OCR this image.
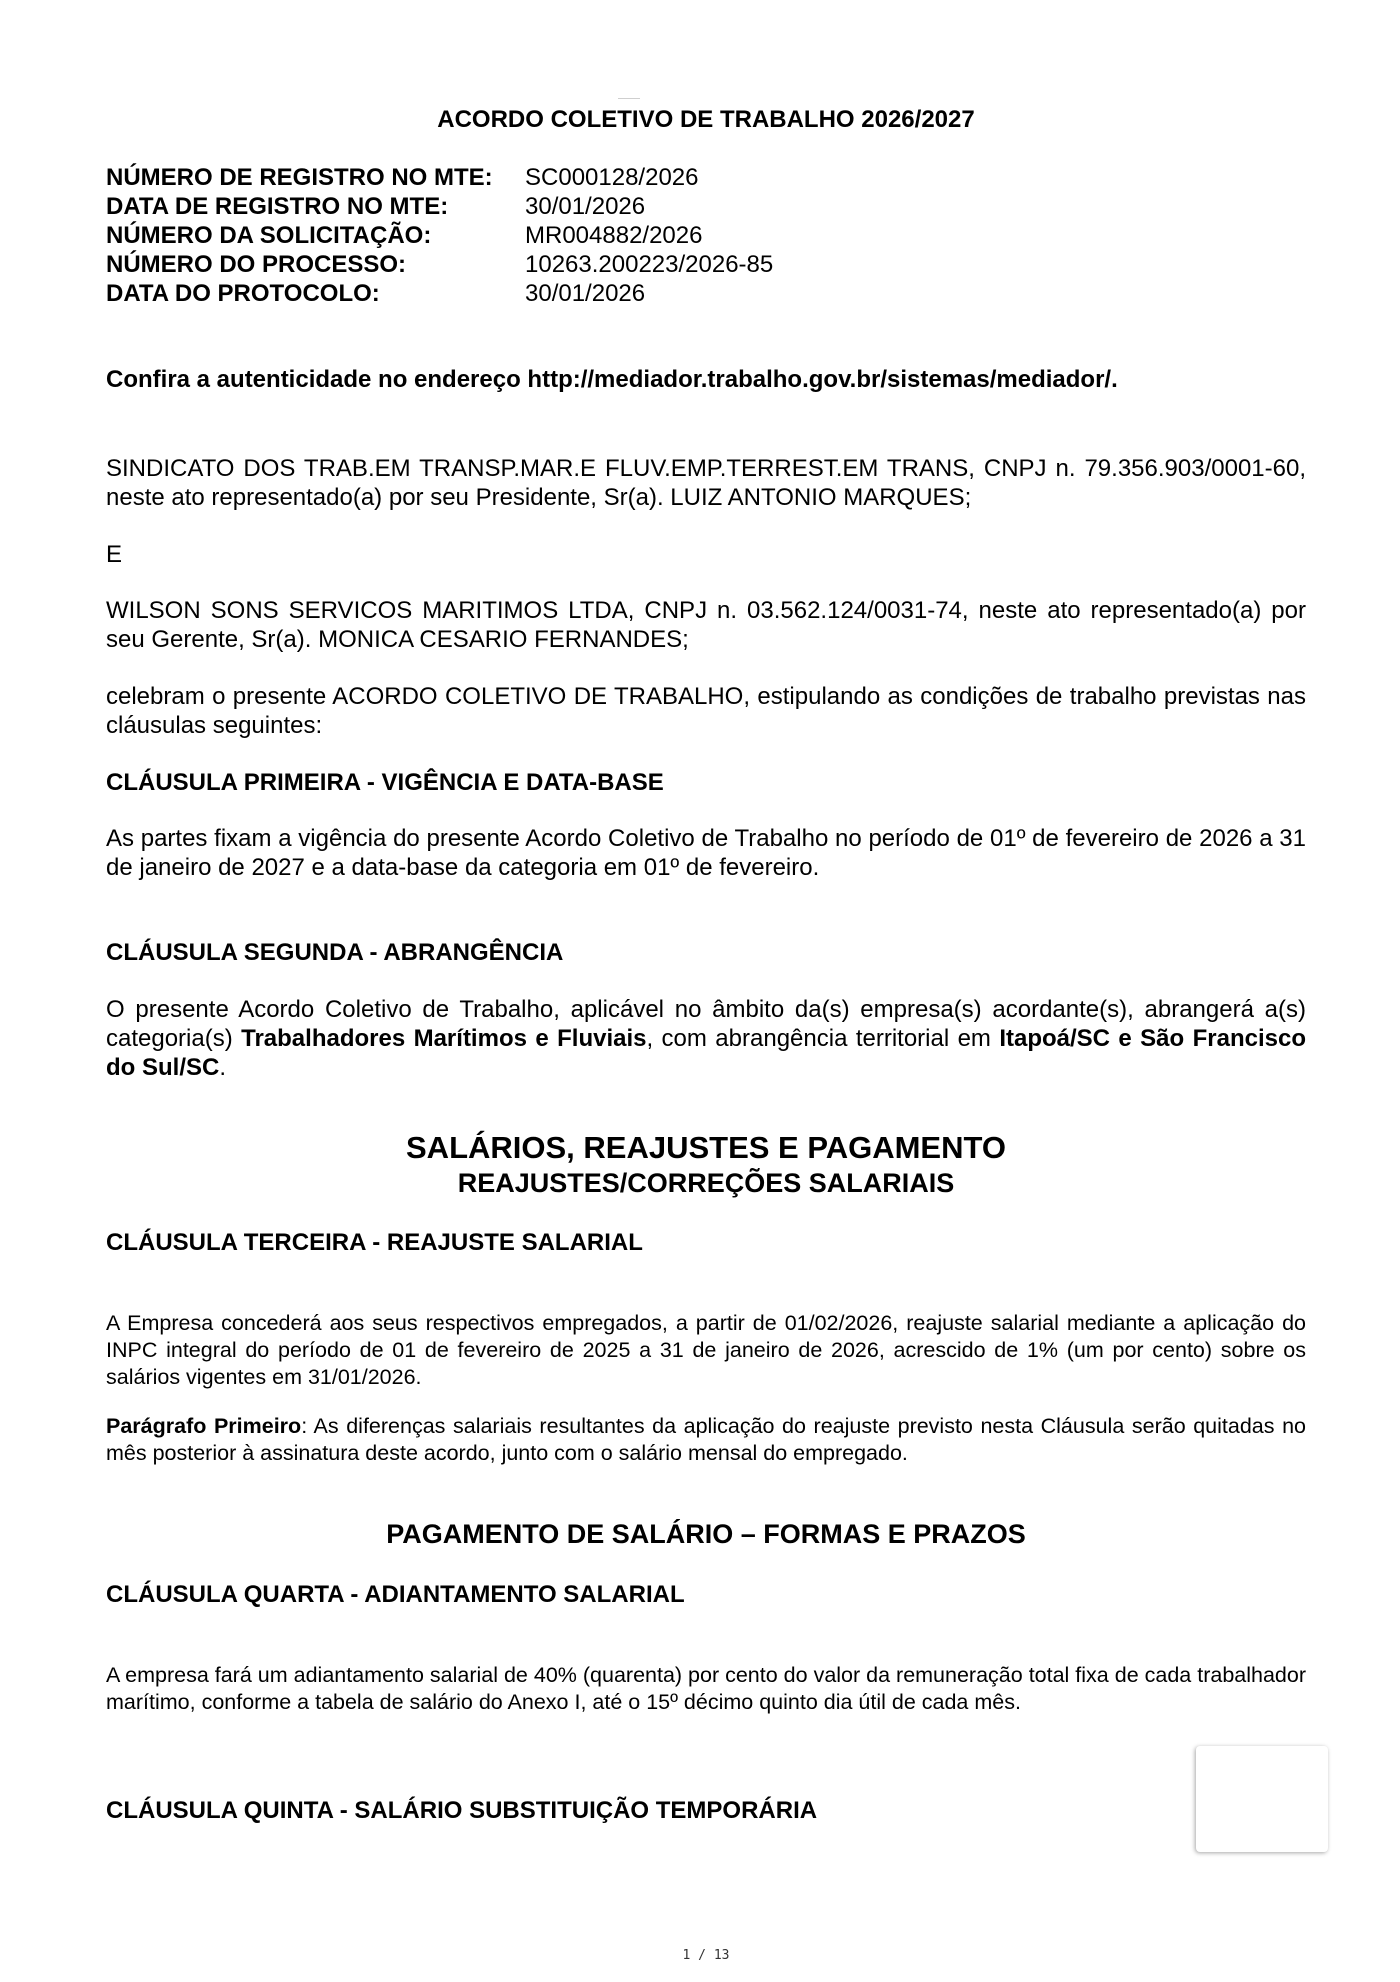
ACORDO COLETIVO DE TRABALHO 2026/2027
NÚMERO DE REGISTRO NO MTE:	SC000128/2026
DATA DE REGISTRO NO MTE:	30/01/2026
NÚMERO DA SOLICITAÇÃO:	MR004882/2026
NÚMERO DO PROCESSO:	10263.200223/2026-85
DATA DO PROTOCOLO:	30/01/2026

Confira a autenticidade no endereço http://mediador.trabalho.gov.br/sistemas/mediador/.

SINDICATO DOS TRAB.EM TRANSP.MAR.E FLUV.EMP.TERREST.EM TRANS, CNPJ n. 79.356.903/0001-60, neste ato representado(a) por seu Presidente, Sr(a). LUIZ ANTONIO MARQUES;

E

WILSON SONS SERVICOS MARITIMOS LTDA, CNPJ n. 03.562.124/0031-74, neste ato representado(a) por seu Gerente, Sr(a). MONICA CESARIO FERNANDES;

celebram o presente ACORDO COLETIVO DE TRABALHO, estipulando as condições de trabalho previstas nas cláusulas seguintes:

CLÁUSULA PRIMEIRA - VIGÊNCIA E DATA-BASE

As partes fixam a vigência do presente Acordo Coletivo de Trabalho no período de 01º de fevereiro de 2026 a 31 de janeiro de 2027 e a data-base da categoria em 01º de fevereiro.

CLÁUSULA SEGUNDA - ABRANGÊNCIA

O presente Acordo Coletivo de Trabalho, aplicável no âmbito da(s) empresa(s) acordante(s), abrangerá a(s) categoria(s) Trabalhadores Marítimos e Fluviais, com abrangência territorial em Itapoá/SC e São Francisco do Sul/SC.

SALÁRIOS, REAJUSTES E PAGAMENTO
REAJUSTES/CORREÇÕES SALARIAIS

CLÁUSULA TERCEIRA - REAJUSTE SALARIAL

A Empresa concederá aos seus respectivos empregados, a partir de 01/02/2026, reajuste salarial mediante a aplicação do INPC integral do período de 01 de fevereiro de 2025 a 31 de janeiro de 2026, acrescido de 1% (um por cento) sobre os salários vigentes em 31/01/2026.

Parágrafo Primeiro: As diferenças salariais resultantes da aplicação do reajuste previsto nesta Cláusula serão quitadas no mês posterior à assinatura deste acordo, junto com o salário mensal do empregado.

PAGAMENTO DE SALÁRIO – FORMAS E PRAZOS

CLÁUSULA QUARTA - ADIANTAMENTO SALARIAL

A empresa fará um adiantamento salarial de 40% (quarenta) por cento do valor da remuneração total fixa de cada trabalhador marítimo, conforme a tabela de salário do Anexo I, até o 15º décimo quinto dia útil de cada mês.

CLÁUSULA QUINTA - SALÁRIO SUBSTITUIÇÃO TEMPORÁRIA

1 / 13
